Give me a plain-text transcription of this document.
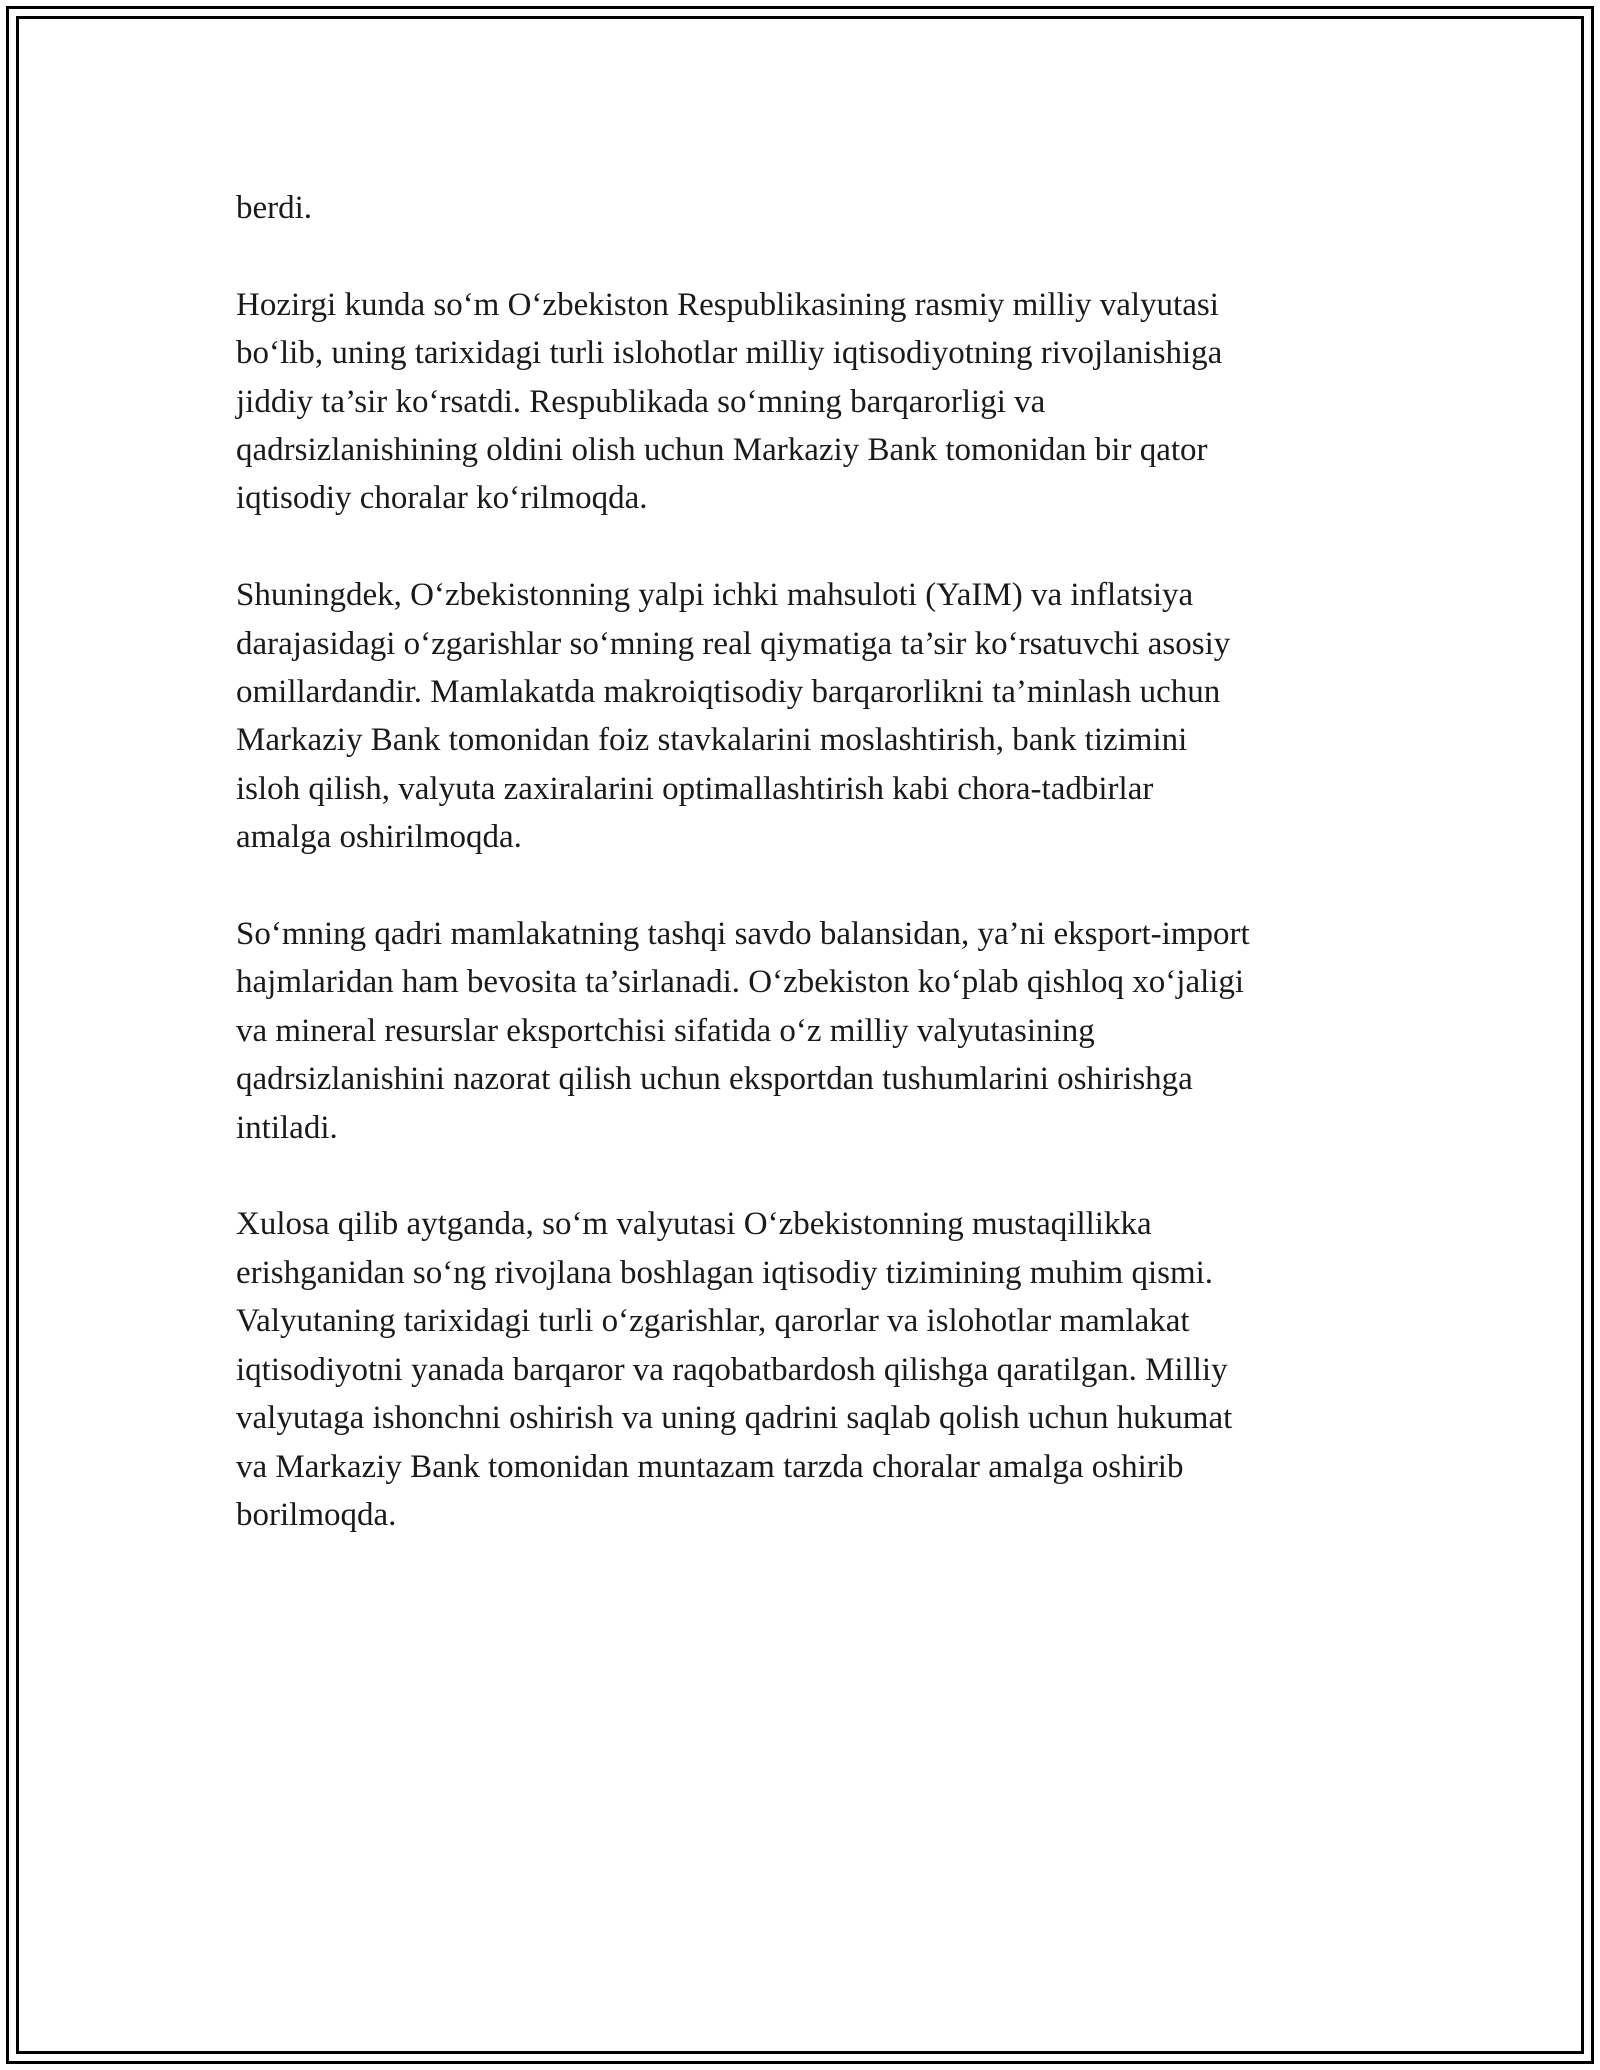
berdi.

Hozirgi kunda so‘m O‘zbekiston Respublikasining rasmiy milliy valyutasi
bo‘lib, uning tarixidagi turli islohotlar milliy iqtisodiyotning rivojlanishiga
jiddiy ta’sir ko‘rsatdi. Respublikada so‘mning barqarorligi va
qadrsizlanishining oldini olish uchun Markaziy Bank tomonidan bir qator
iqtisodiy choralar ko‘rilmoqda.

Shuningdek, O‘zbekistonning yalpi ichki mahsuloti (YaIM) va inflatsiya
darajasidagi o‘zgarishlar so‘mning real qiymatiga ta’sir ko‘rsatuvchi asosiy
omillardandir. Mamlakatda makroiqtisodiy barqarorlikni ta’minlash uchun
Markaziy Bank tomonidan foiz stavkalarini moslashtirish, bank tizimini
isloh qilish, valyuta zaxiralarini optimallashtirish kabi chora-tadbirlar
amalga oshirilmoqda.

So‘mning qadri mamlakatning tashqi savdo balansidan, ya’ni eksport-import
hajmlaridan ham bevosita ta’sirlanadi. O‘zbekiston ko‘plab qishloq xo‘jaligi
va mineral resurslar eksportchisi sifatida o‘z milliy valyutasining
qadrsizlanishini nazorat qilish uchun eksportdan tushumlarini oshirishga
intiladi.

Xulosa qilib aytganda, so‘m valyutasi O‘zbekistonning mustaqillikka
erishganidan so‘ng rivojlana boshlagan iqtisodiy tizimining muhim qismi.
Valyutaning tarixidagi turli o‘zgarishlar, qarorlar va islohotlar mamlakat
iqtisodiyotni yanada barqaror va raqobatbardosh qilishga qaratilgan. Milliy
valyutaga ishonchni oshirish va uning qadrini saqlab qolish uchun hukumat
va Markaziy Bank tomonidan muntazam tarzda choralar amalga oshirib
borilmoqda.
